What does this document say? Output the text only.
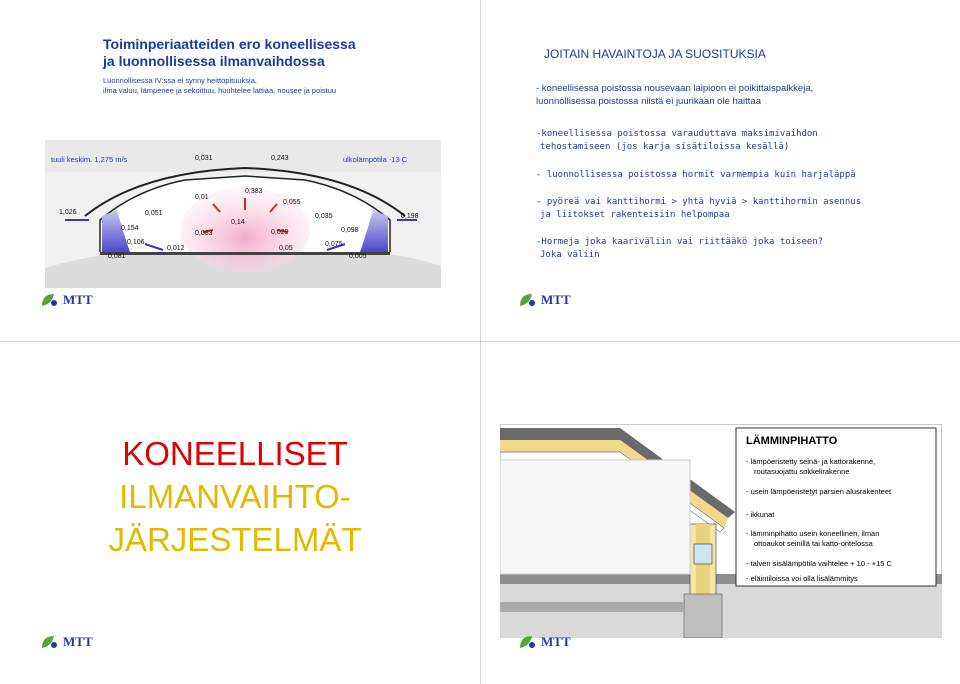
Toiminperiaatteiden ero koneellisessa
ja luonnollisessa ilmanvaihdossa
Luonnollisessa IV:ssa ei synny heittopituuksia,
ilma valuu, lämpenee ja sekoittuu, huuhtelee lattiaa, nousee ja poistuu
tuuli keskim. 1,275 m/s	ulkolämpötila -13 C
0,031	0,243
1,026	0,051
0,01
0,383
0,055
0,035	0,198
0,154
0,083
0,14
0,029	0,098
0,106
0,012	0,05
0,075
0,081	0,005
MTT
JOITAIN HAVAINTOJA JA SUOSITUKSIA
- koneellisessa poistossa nousevaan laipioon ei poikittaispalkkeja,
luonnollisessa poistossa niistä ei juurikaan ole haittaa
-koneellisessa poistossa varauduttava maksimivaihdon
tehostamiseen (jos karja sisätiloissa kesällä)
- luonnollisessa poistossa hormit varmempia kuin harjaläppä
- pyöreä vai kanttihormi > yhtä hyviä > kanttihormin asennus
ja liitokset rakenteisiin helpompaa
-Hormeja joka kaariväliin vai riittääkö joka toiseen?
Joka väliin
MTT
KONEELLISET
ILMANVAIHTO-
JÄRJESTELMÄT
MTT
LÄMMINPIHATTO
- lämpöeristetty seinä- ja kattorakenne,
routasuojattu sokkelirakenne
- usein lämpöeristetyt parsien alusrakenteet
- ikkunat
- lämminpihatto usein koneellinen, ilman
ottoaukot seinillä tai katto-ontelossa
- talven sisälämpötila vaihtelee + 10 - +15 C
- eläintiloissa voi olla lisälämmitys
MTT
